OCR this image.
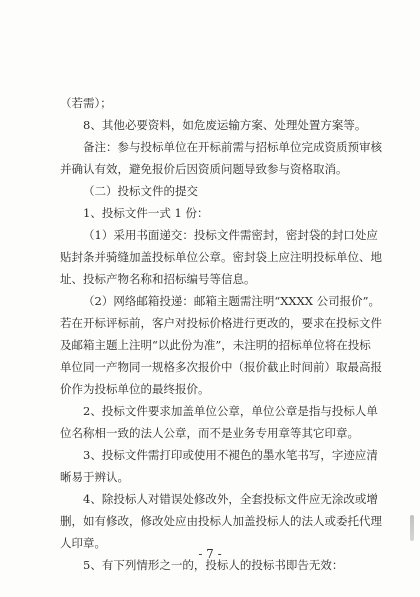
（若需）；
8、其他必要资料，如危废运输方案、处理处置方案等。
备注：参与投标单位在开标前需与招标单位完成资质预审核
并确认有效，避免报价后因资质问题导致参与资格取消。
（二）投标文件的提交
1、投标文件一式 1 份：
（1）采用书面递交：投标文件需密封，密封袋的封口处应
贴封条并骑缝加盖投标单位公章。密封袋上应注明投标单位、地
址、投标产物名称和招标编号等信息。
（2）网络邮箱投递：邮箱主题需注明“XXXX 公司报价”。
若在开标评标前，客户对投标价格进行更改的，要求在投标文件
及邮箱主题上注明“以此份为准”，未注明的招标单位将在投标
单位同一产物同一规格多次报价中（报价截止时间前）取最高报
价作为投标单位的最终报价。
2、投标文件要求加盖单位公章，单位公章是指与投标人单
位名称相一致的法人公章，而不是业务专用章等其它印章。
3、投标文件需打印或使用不褪色的墨水笔书写，字迹应清
晰易于辨认。
4、除投标人对错误处修改外，全套投标文件应无涂改或增
删，如有修改，修改处应由投标人加盖投标人的法人或委托代理
人印章。
5、有下列情形之一的，投标人的投标书即告无效：
- 7 -
